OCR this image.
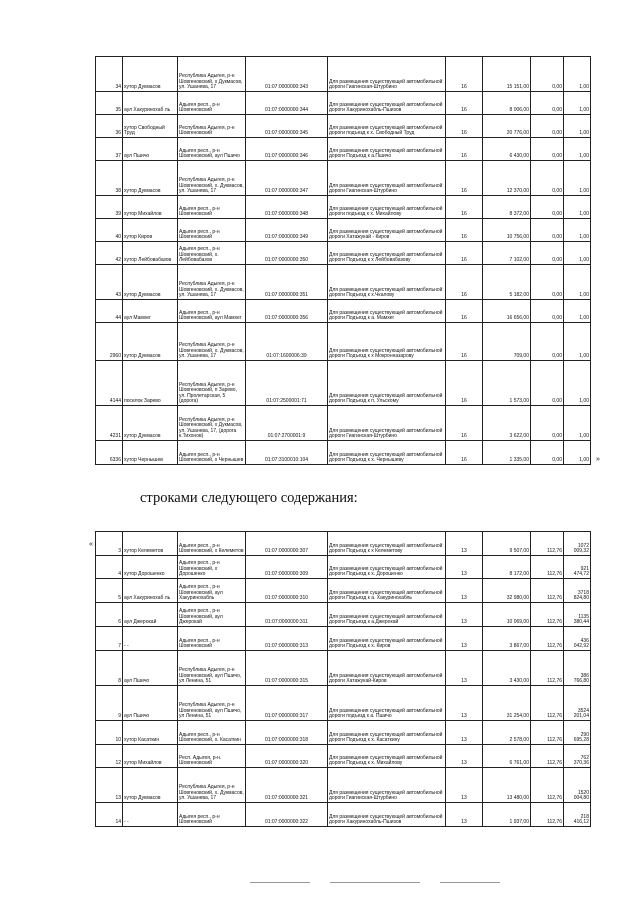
34	хутор Дукмасов	Республика Адыгея, р-н Шовгеновский, х Дукмасов, ул. Ушанева, 17	01:07:0000000:343	Для размещения существующей автомобильной дороги Гиагинская-Штурбино	16	15 151,00	0,00	1,00
35	аул Хакуринохаб ль	Адыгея респ., р-н Шовгеновский	01:07:0000000:344	Для размещения существующей автомобильной дороги Хакуринохабль-Пшизов	16	8 006,00	0,00	1,00
36	хутор Свободный Труд	Республика Адыгея, р-н Шовгеновский	01:07:0000000:345	Для размещения существующей автомобильной дороги подъезд к х. Свободный Труд	16	20 776,00	0,00	1,00
37	аул Пшичо	Адыгея респ., р-н Шовгеновский, аул Пшичо	01:07:0000000:346	Для размещения существующей автомобильной дороги Подъезд к а.Пшичо	16	6 430,00	0,00	1,00
38	хутор Дукмасов	Республика Адыгея, р-н Шовгеновский, х. Дукмасов, ул. Ушанева, 17	01:07:0000000:347	Для размещения существующей автомобильной дороги Гиагинская-Штурбино	16	12 370,00	0,00	1,00
39	хутор Михайлов	Адыгея респ., р-н Шовгеновский	01:07:0000000:348	Для размещения существующей автомобильной дороги подъезд к х. Михайлову	16	8 372,00	0,00	1,00
40	хутор Киров	Адыгея респ., р-н Шовгеновский	01:07:0000000:349	Для размещения существующей автомобильной дороги Хатажукай - Киров	16	10 756,00	0,00	1,00
42	хутор Лейбовабазов	Адыгея респ., р-н Шовгеновский, х. Лейбовабазов	01:07:0000000:350	Для размещения существующей автомобильной дороги Подъезд к х Лейбовабазову	16	7 102,00	0,00	1,00
43	хутор Дукмасов	Республика Адыгея, р-н Шовгеновский, х. Дукмасов, ул. Ушанева, 17	01:07:0000000:351	Для размещения существующей автомобильной дороги Подъезд к х.Чкалову	16	5 182,00	0,00	1,00
44	аул Мамхег	Адыгея респ., р-н Шовгеновский, аул Мамхег	01:07:0000000:356	Для размещения существующей автомобильной дороги Подъезд к а. Мамхег	16	16 656,00	0,00	1,00
2960	хутор Дукмасов	Республика Адыгея, р-н Шовгеновский, х. Дукмасов, ул. Ушанева, 17	01:07:1600006:39	Для размещения существующей автомобильной дороги Подъезд к х Мокронназарову	16	709,00	0,00	1,00
4144	поселок Зарево	Республика Адыгея, р-н Шовгеновский, п Зарево, ул. Пролетарская, 5 (дорога)	01:07:2500001:71	Для размещения существующей автомобильной дороги Подъезд к п. Ульскому	16	1 573,00	0,00	1,00
4231	хутор Дукмасов	Республика Адыгея, р-н Шовгеновский, х Дукмасов, ул. Ушанева, 17, (дорога к.Тихонов)	01:07:2700001:9	Для размещения существующей автомобильной дороги Гиагинская-Штурбино	16	3 622,00	0,00	1,00
6336	хутор Чернышев	Адыгея респ., р-н Шовгеновский, х Чернышев	01:07:3100010:104	Для размещения существующей автомобильной дороги Подъезд к х. Чернышеву	16	1 335,00	0,00	1,00 »
строками следующего содержания:
«
3	хутор Келеметов	Адыгея респ., р-н Шовгеновский, х Келеметов	01:07:0000000:307	Для размещения существующей автомобильной дороги Подъезд к х Келеметову	13	9 507,00	112,76	1072 009,32
4	хутор Дорошенко	Адыгея респ., р-н Шовгеновский, х Дорошенко	01:07:0000000:309	Для размещения существующей автомобильной дороги Подъезд к х. Дорошенко	13	8 172,00	112,76	921 474,72
5	аул Хакуринохаб ль	Адыгея респ., р-н Шовгеновский, аул Хакуринохабль	01:07:0000000:310	Для размещения существующей автомобильной дороги Подъезд к а. Хакуринохабль	13	32 980,00	112,76	3718 824,80
6	аул Джерокай	Адыгея респ., р-н Шовгеновский, аул Джерокай	01:07:0000000:311	Для размещения существующей автомобильной дороги Подъезд к а.Джерокай	13	10 069,00	112,76	1135 380,44
7	- -	Адыгея респ., р-н Шовгеновский	01:07:0000000:313	Для размещения существующей автомобильной дороги Подъезд к х. Киров	13	3 867,00	112,76	436 042,92
8	аул Пшичо	Республика Адыгея, р-н Шовгеновский, аул Пшичо, ул Ленина, 51	01:07:0000000:315	Для размещения существующей автомобильной дороги Хатажукай-Киров	13	3 430,00	112,76	386 766,80
9	аул Пшичо	Республика Адыгея, р-н Шовгеновский, аул Пшичо, ул Ленина, 51	01:07:0000000:317	Для размещения существующей автомобильной дороги подъезд к а. Пшичо	13	31 254,00	112,76	3524 201,04
10	хутор Касаткин	Адыгея респ., р-н Шовгеновский, х. Касаткин	01:07:0000000:318	Для размещения существующей автомобильной дороги Подъезд к х. Касаткину	13	2 578,00	112,76	290 695,28
12	хутор Михайлов	Респ. Адыгея, р-н. Шовгеновский	01:07:0000000:320	Для размещения существующей автомобильной дороги Подъезд к х. Михайлову	13	6 761,00	112,76	762 370,36
13	хутор Дукмасов	Республика Адыгея, р-н Шовгеновский, х. Дукмасов, ул. Ушанева, 17	01:07:0000000:321	Для размещения существующей автомобильной дороги Гиагинская-Штурбино	13	13 480,00	112,76	1520 004,80
14	- -	Адыгея респ., р-н Шовгеновский	01:07:0000000:322	Для размещения существующей автомобильной дороги Хакуринохабль-Пшизов	13	1 937,00	112,76	218 416,12
